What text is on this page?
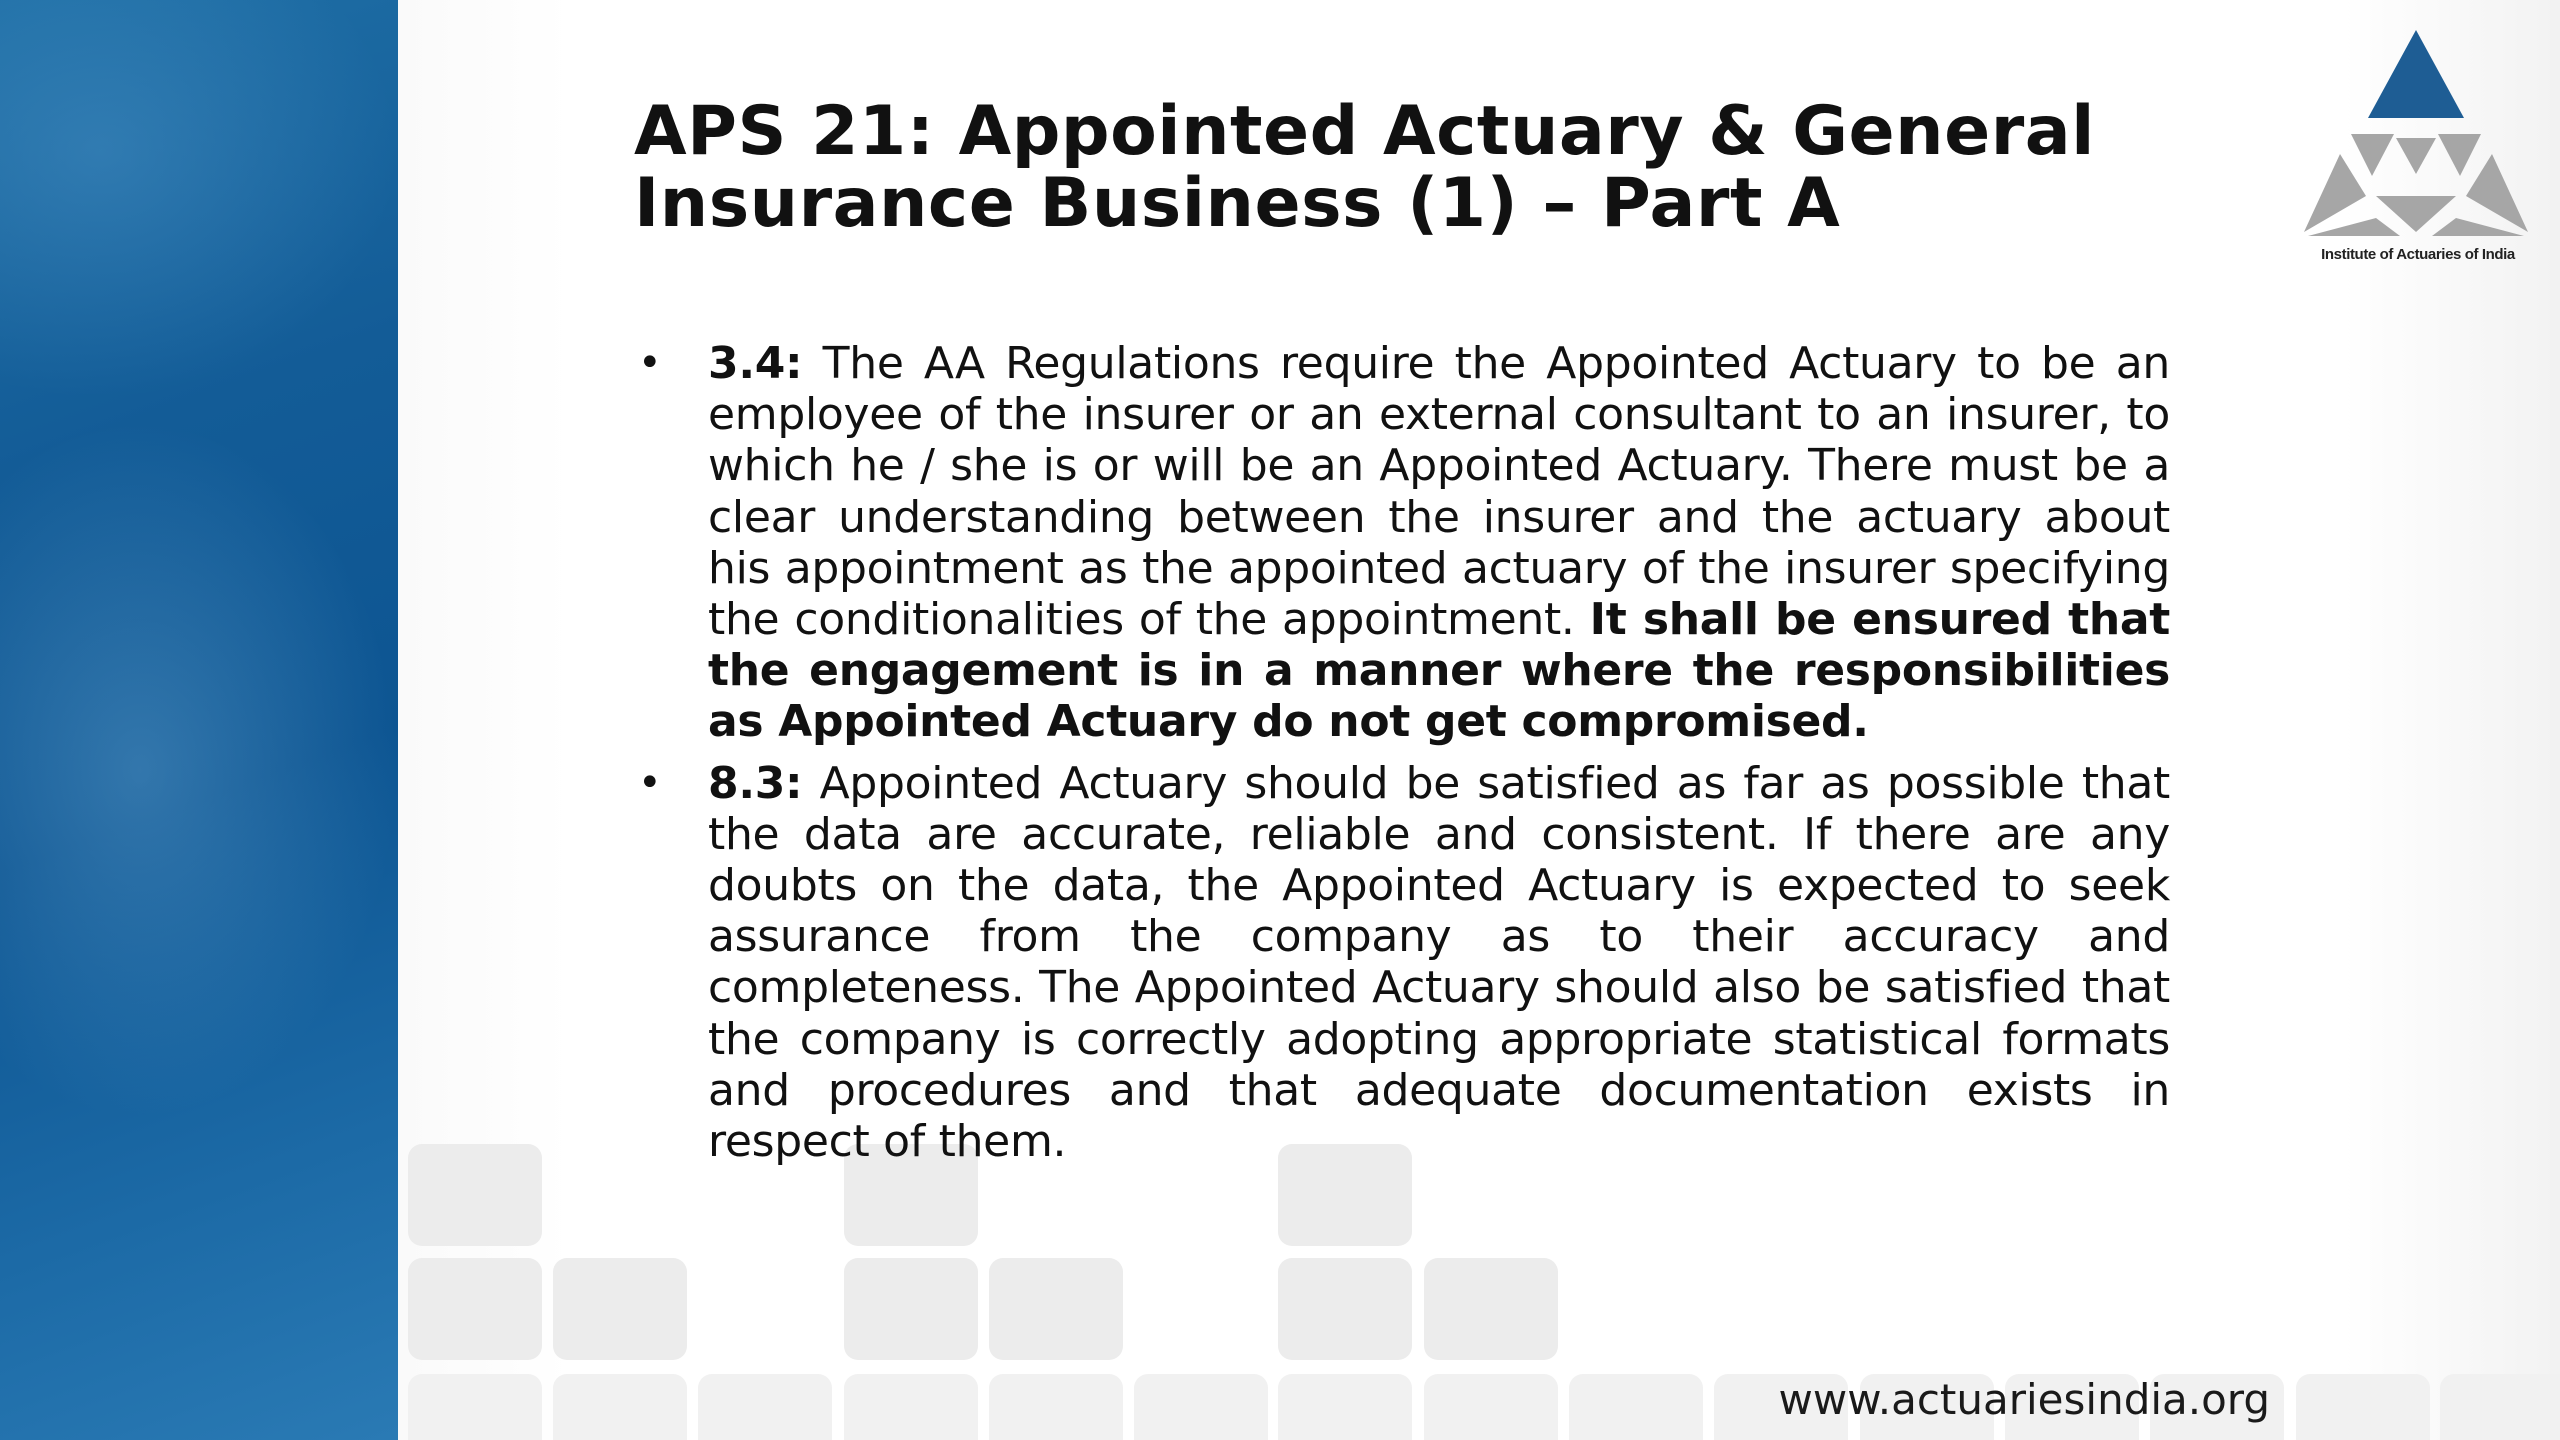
APS 21: Appointed Actuary & General
Insurance Business (1) – Part A

• 3.4: The AA Regulations require the Appointed Actuary to be an employee of the insurer or an external consultant to an insurer, to which he / she is or will be an Appointed Actuary. There must be a clear understanding between the insurer and the actuary about his appointment as the appointed actuary of the insurer specifying the conditionalities of the appointment. It shall be ensured that the engagement is in a manner where the responsibilities as Appointed Actuary do not get compromised.

• 8.3: Appointed Actuary should be satisfied as far as possible that the data are accurate, reliable and consistent. If there are any doubts on the data, the Appointed Actuary is expected to seek assurance from the company as to their accuracy and completeness. The Appointed Actuary should also be satisfied that the company is correctly adopting appropriate statistical formats and procedures and that adequate documentation exists in respect of them.

Institute of Actuaries of India
www.actuariesindia.org
